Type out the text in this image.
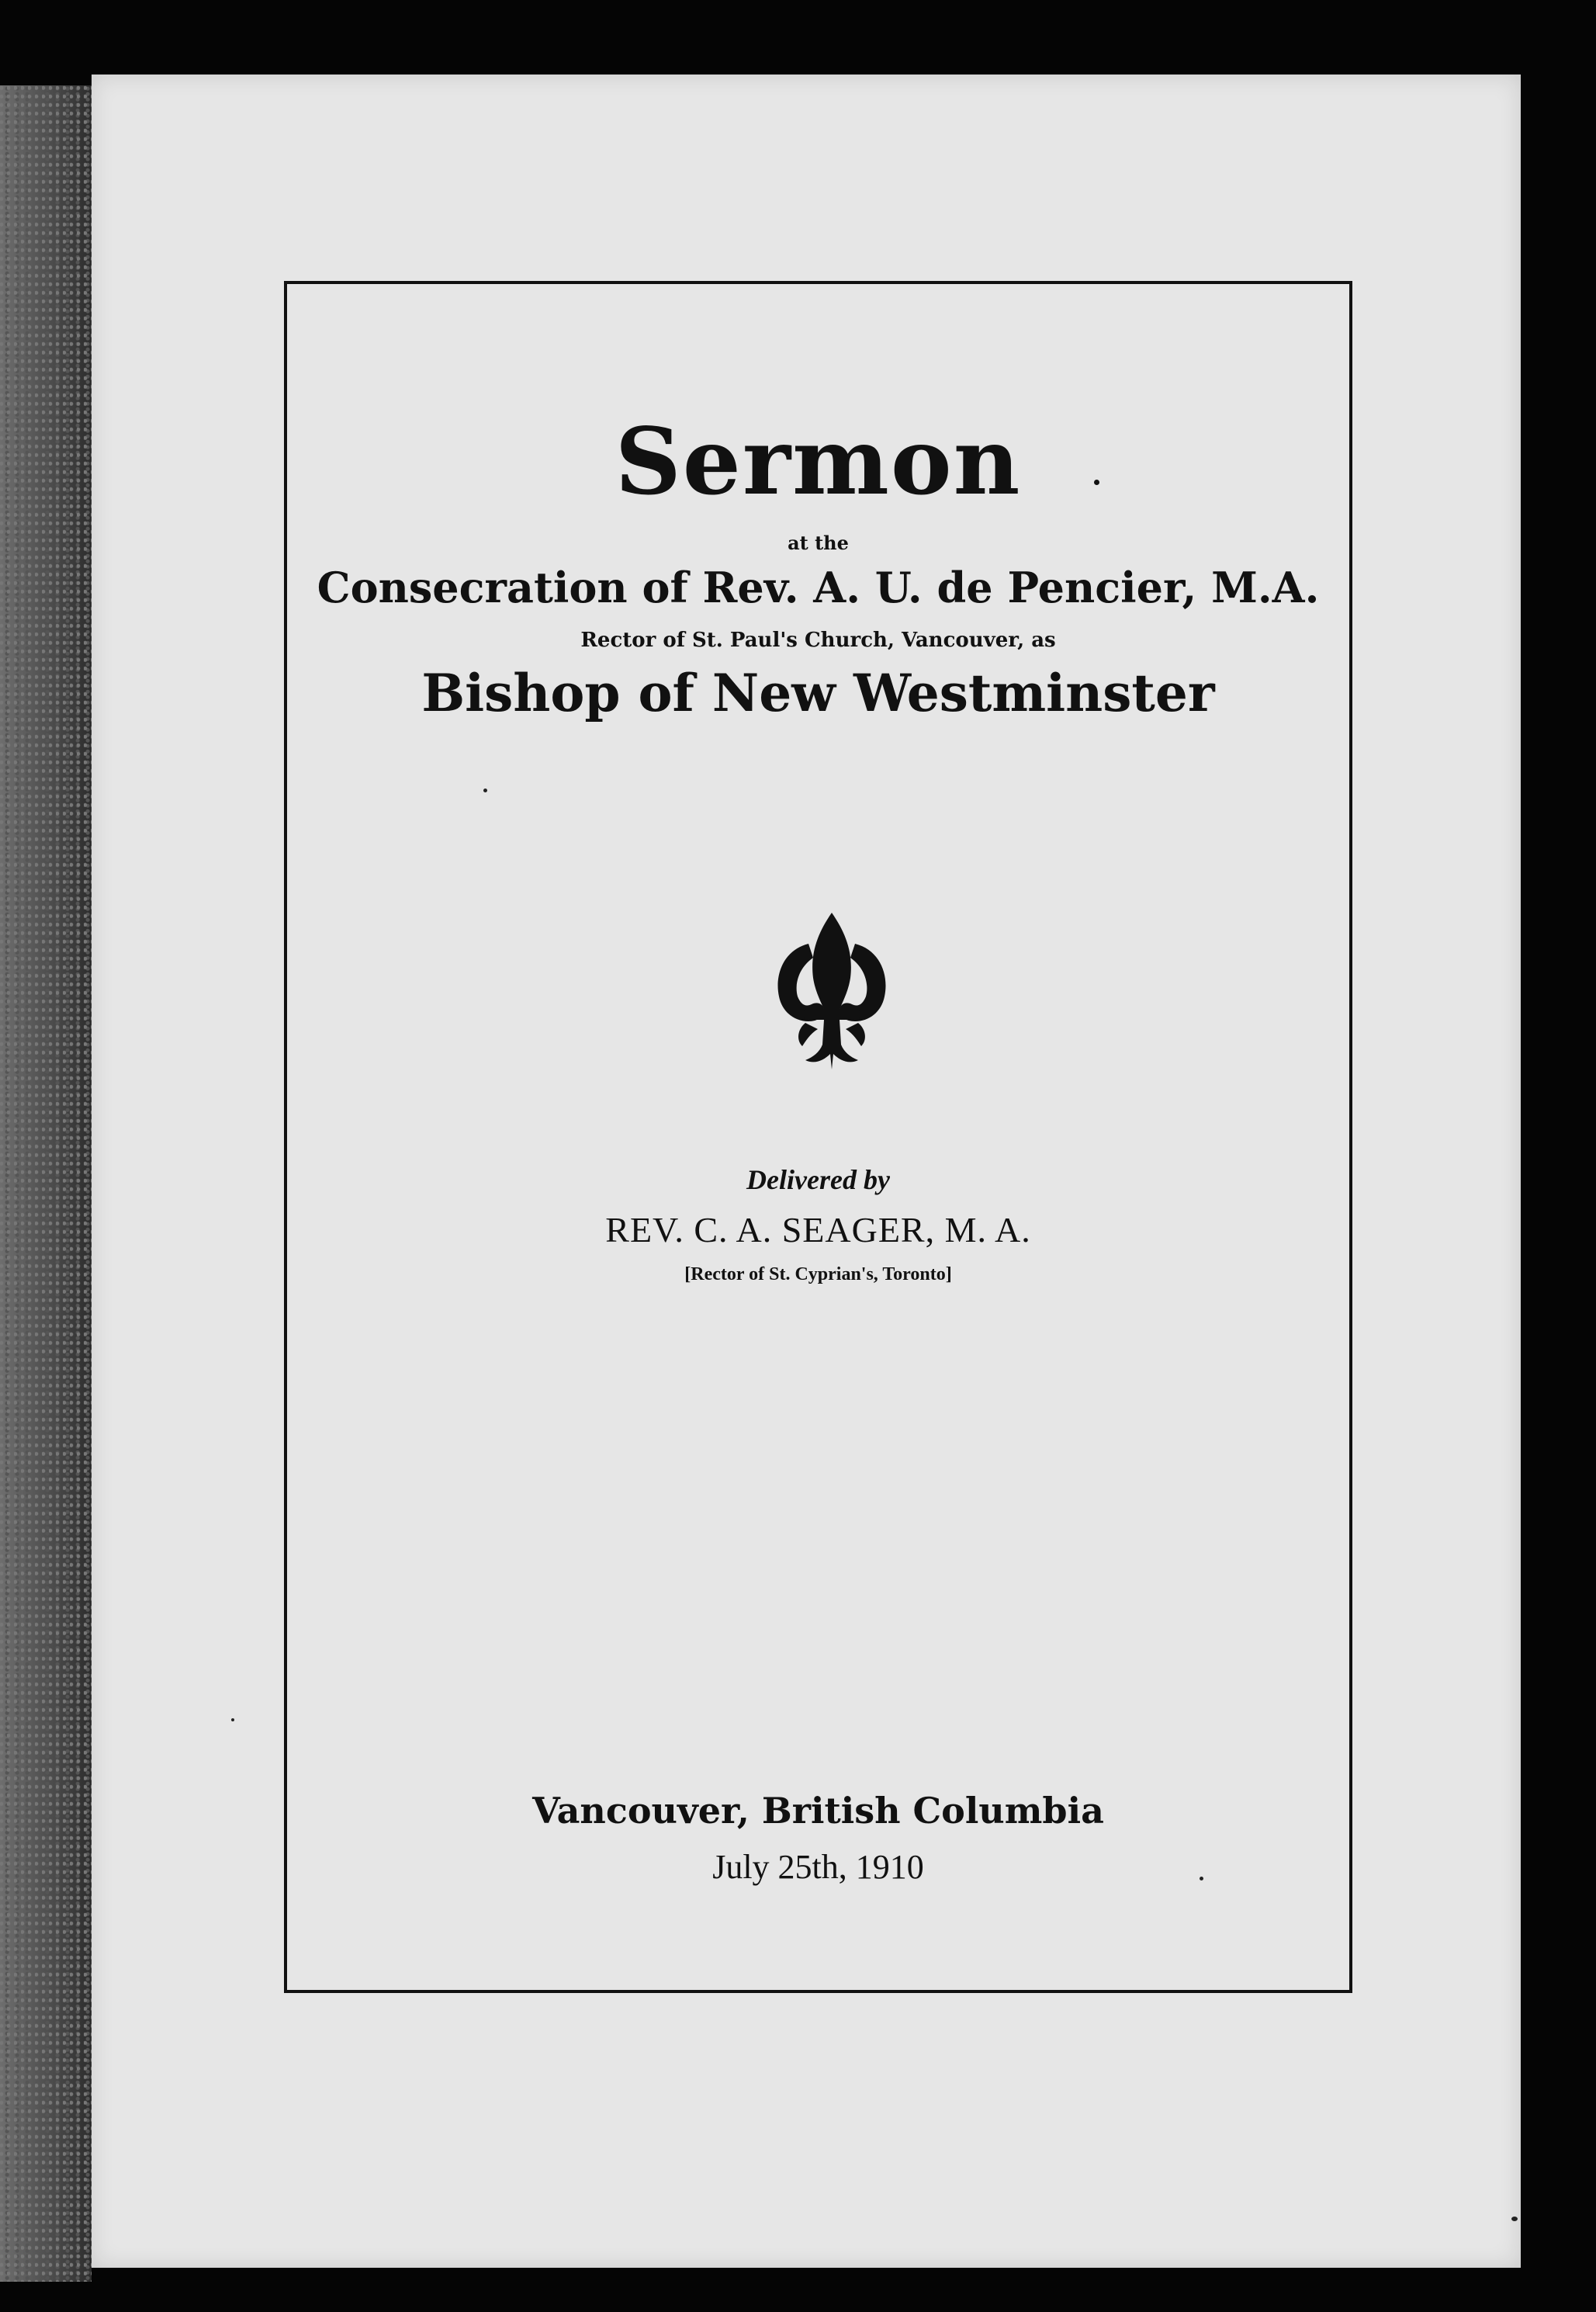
Sermon
at the
Consecration of Rev. A. U. de Pencier, M.A.
Rector of St. Paul's Church, Vancouver, as
Bishop of New Westminster
Delivered by
REV. C. A. SEAGER, M. A.
[Rector of St. Cyprian's, Toronto]
Vancouver, British Columbia
July 25th, 1910
